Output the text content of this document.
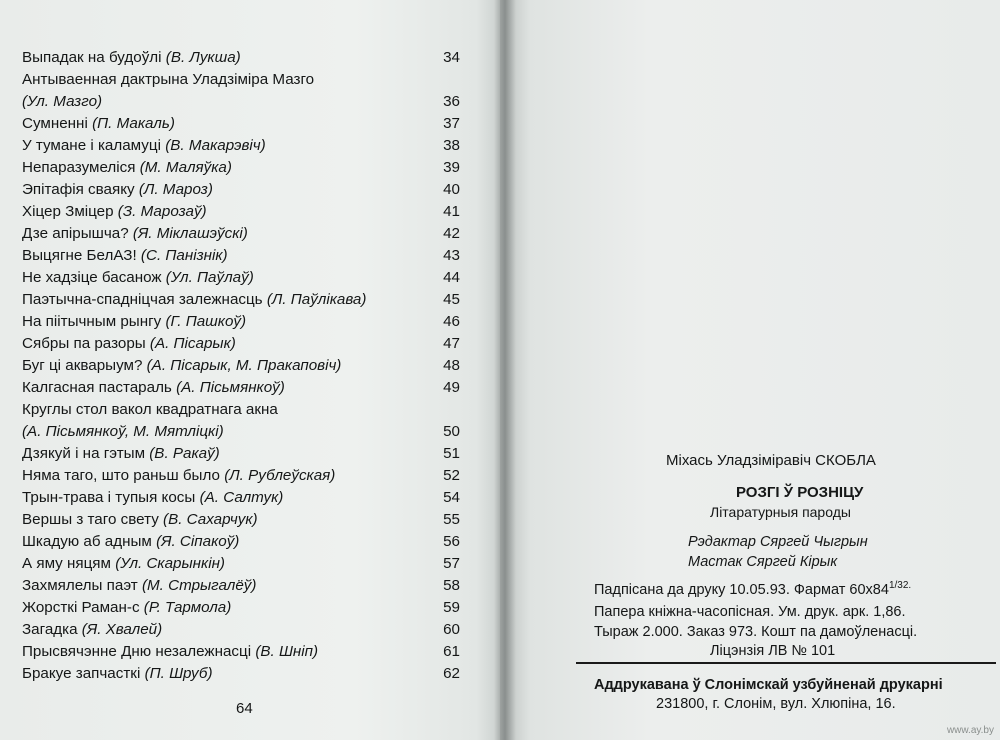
Выпадак на будоўлі (В. Лукша)	34
Антываенная дактрына Уладзіміра Мазго
(Ул. Мазго)	36
Сумненні (П. Макаль)	37
У тумане і каламуці (В. Макарэвіч)	38
Непаразумеліся (М. Маляўка)	39
Эпітафія сваяку (Л. Мароз)	40
Хіцер Зміцер (З. Марозаў)	41
Дзе апірышча? (Я. Міклашэўскі)	42
Выцягне БелАЗ! (С. Панізнік)	43
Не хадзіце басанож (Ул. Паўлаў)	44
Паэтычна-спадніцчая залежнасць (Л. Паўлікава)	45
На піітычным рынгу (Г. Пашкоў)	46
Сябры па разоры (А. Пісарык)	47
Буг ці акварыум? (А. Пісарык, М. Пракаповіч)	48
Калгасная пастараль (А. Пісьмянкоў)	49
Круглы стол вакол квадратнага акна
(А. Пісьмянкоў, М. Мятліцкі)	50
Дзякуй і на гэтым (В. Ракаў)	51
Няма таго, што раньш было (Л. Рублеўская)	52
Трын-трава і тупыя косы (А. Салтук)	54
Вершы з таго свету (В. Сахарчук)	55
Шкадую аб адным (Я. Сіпакоў)	56
А яму няцям (Ул. Скарынкін)	57
Захмялелы паэт (М. Стрыгалёў)	58
Жорсткі Раман-с (Р. Тармола)	59
Загадка (Я. Хвалей)	60
Прысвячэнне Дню незалежнасці (В. Шніп)	61
Бракуе запчасткі (П. Шруб)	62
64
Міхась Уладзіміравіч СКОБЛА
РОЗГІ Ў РОЗНІЦУ
Літаратурныя пароды
Рэдактар Сяргей Чыгрын
Мастак Сяргей Кірык
Падпісана да друку 10.05.93. Фармат $60х84^{1/32.}$
Папера кніжна-часопісная. Ум. друк. арк. 1,86.
Тыраж 2.000. Заказ 973. Кошт па дамоўленасці.
Ліцэнзія ЛВ № 101
Аддрукавана ў Слонімскай узбуйненай друкарні
231800, г. Слонім, вул. Хлюпіна, 16.
www.ay.by
